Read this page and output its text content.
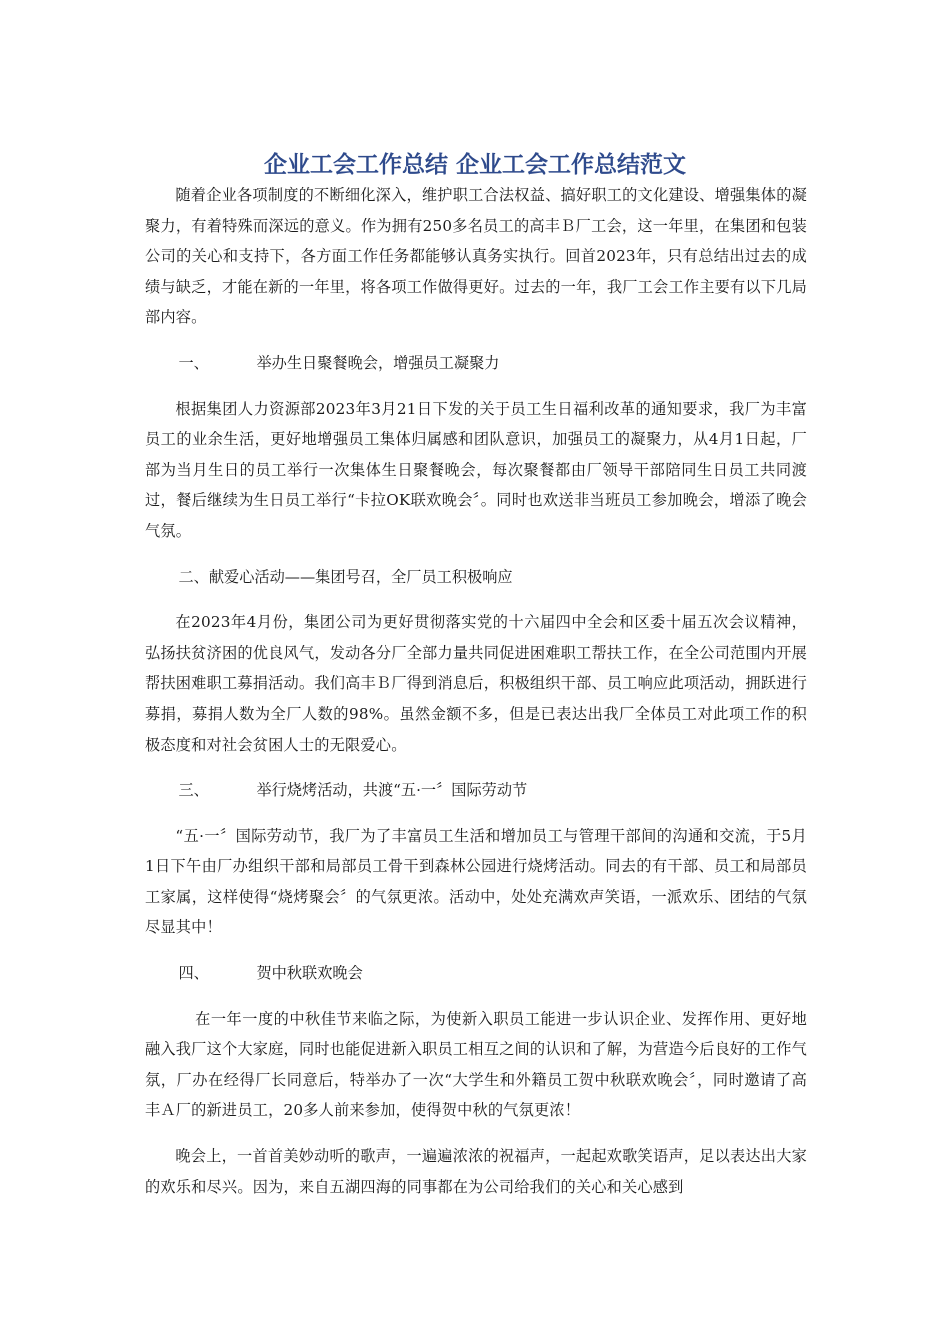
企业工会工作总结 企业工会工作总结范文

随着企业各项制度的不断细化深入，维护职工合法权益、搞好职工的文化建设、增强集体的凝聚力，有着特殊而深远的意义。作为拥有250多名员工的高丰Ｂ厂工会，这一年里，在集团和包装公司的关心和支持下，各方面工作任务都能够认真务实执行。回首2023年，只有总结出过去的成绩与缺乏，才能在新的一年里，将各项工作做得更好。过去的一年，我厂工会工作主要有以下几局部内容。

一、	举办生日聚餐晚会，增强员工凝聚力

根据集团人力资源部2023年3月21日下发的关于员工生日福利改革的通知要求，我厂为丰富员工的业余生活，更好地增强员工集体归属感和团队意识，加强员工的凝聚力，从4月1日起，厂部为当月生日的员工举行一次集体生日聚餐晚会，每次聚餐都由厂领导干部陪同生日员工共同渡过，餐后继续为生日员工举行“卡拉OK联欢晚会〞。同时也欢送非当班员工参加晚会，增添了晚会气氛。

二、献爱心活动——集团号召，全厂员工积极响应

在2023年4月份，集团公司为更好贯彻落实党的十六届四中全会和区委十届五次会议精神，弘扬扶贫济困的优良风气，发动各分厂全部力量共同促进困难职工帮扶工作，在全公司范围内开展帮扶困难职工募捐活动。我们高丰Ｂ厂得到消息后，积极组织干部、员工响应此项活动，拥跃进行募捐，募捐人数为全厂人数的98%。虽然金额不多，但是已表达出我厂全体员工对此项工作的积极态度和对社会贫困人士的无限爱心。

三、	举行烧烤活动，共渡“五·一〞国际劳动节

“五·一〞国际劳动节，我厂为了丰富员工生活和增加员工与管理干部间的沟通和交流，于5月1日下午由厂办组织干部和局部员工骨干到森林公园进行烧烤活动。同去的有干部、员工和局部员工家属，这样使得“烧烤聚会〞的气氛更浓。活动中，处处充满欢声笑语，一派欢乐、团结的气氛尽显其中！

四、	贺中秋联欢晚会

在一年一度的中秋佳节来临之际，为使新入职员工能进一步认识企业、发挥作用、更好地融入我厂这个大家庭，同时也能促进新入职员工相互之间的认识和了解，为营造今后良好的工作气氛，厂办在经得厂长同意后，特举办了一次“大学生和外籍员工贺中秋联欢晚会〞，同时邀请了高丰Ａ厂的新进员工，20多人前来参加，使得贺中秋的气氛更浓！

晚会上，一首首美妙动听的歌声，一遍遍浓浓的祝福声，一起起欢歌笑语声，足以表达出大家的欢乐和尽兴。因为，来自五湖四海的同事都在为公司给我们的关心和关心感到
